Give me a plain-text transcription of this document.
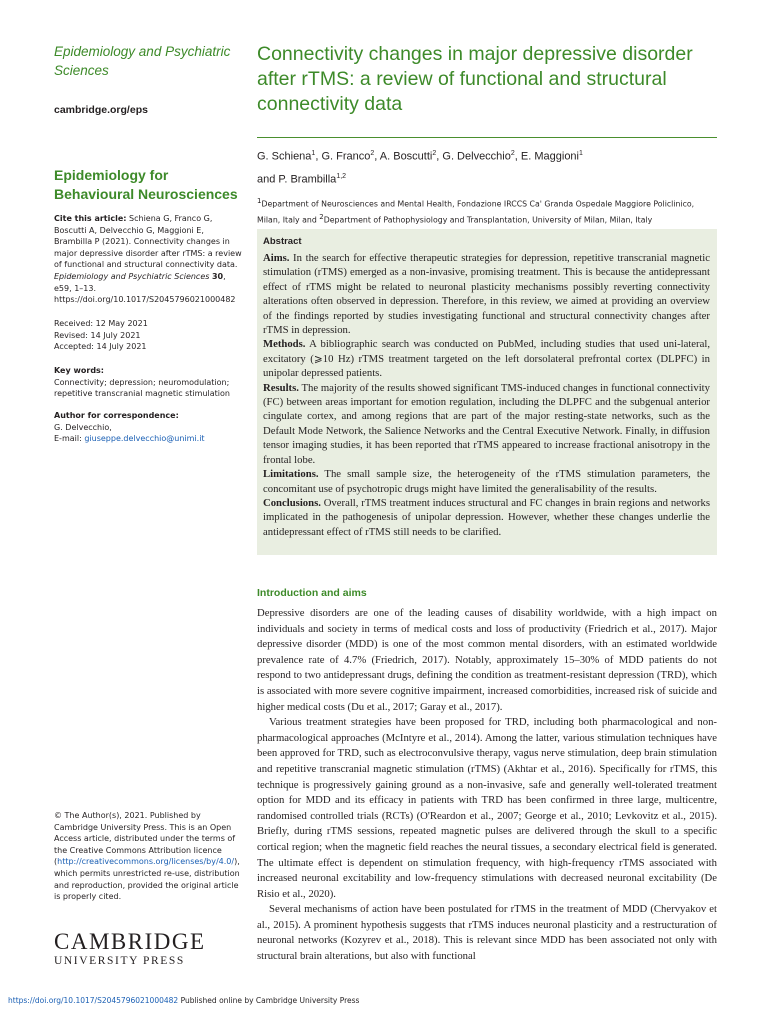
Epidemiology and Psychiatric Sciences
cambridge.org/eps
Epidemiology for Behavioural Neurosciences
Cite this article: Schiena G, Franco G, Boscutti A, Delvecchio G, Maggioni E, Brambilla P (2021). Connectivity changes in major depressive disorder after rTMS: a review of functional and structural connectivity data. Epidemiology and Psychiatric Sciences 30, e59, 1–13. https://doi.org/10.1017/S2045796021000482
Received: 12 May 2021
Revised: 14 July 2021
Accepted: 14 July 2021
Key words:
Connectivity; depression; neuromodulation; repetitive transcranial magnetic stimulation
Author for correspondence:
G. Delvecchio,
E-mail: giuseppe.delvecchio@unimi.it
© The Author(s), 2021. Published by Cambridge University Press. This is an Open Access article, distributed under the terms of the Creative Commons Attribution licence (http://creativecommons.org/licenses/by/4.0/), which permits unrestricted re-use, distribution and reproduction, provided the original article is properly cited.
CAMBRIDGE
UNIVERSITY PRESS
Connectivity changes in major depressive disorder after rTMS: a review of functional and structural connectivity data
G. Schiena$^1$, G. Franco$^2$, A. Boscutti$^2$, G. Delvecchio$^2$, E. Maggioni$^1$
and P. Brambilla$^{1,2}$
$^1$Department of Neurosciences and Mental Health, Fondazione IRCCS Ca' Granda Ospedale Maggiore Policlinico, Milan, Italy and $^2$Department of Pathophysiology and Transplantation, University of Milan, Milan, Italy
Abstract

Aims. In the search for effective therapeutic strategies for depression, repetitive transcranial magnetic stimulation (rTMS) emerged as a non-invasive, promising treatment. This is because the antidepressant effect of rTMS might be related to neuronal plasticity mechanisms possibly reverting connectivity alterations often observed in depression. Therefore, in this review, we aimed at providing an overview of the findings reported by studies investigating functional and structural connectivity changes after rTMS in depression.

Methods. A bibliographic search was conducted on PubMed, including studies that used uni-lateral, excitatory (⩾10 Hz) rTMS treatment targeted on the left dorsolateral prefrontal cortex (DLPFC) in unipolar depressed patients.

Results. The majority of the results showed significant TMS-induced changes in functional connectivity (FC) between areas important for emotion regulation, including the DLPFC and the subgenual anterior cingulate cortex, and among regions that are part of the major resting-state networks, such as the Default Mode Network, the Salience Networks and the Central Executive Network. Finally, in diffusion tensor imaging studies, it has been reported that rTMS appeared to increase fractional anisotropy in the frontal lobe.

Limitations. The small sample size, the heterogeneity of the rTMS stimulation parameters, the concomitant use of psychotropic drugs might have limited the generalisability of the results.

Conclusions. Overall, rTMS treatment induces structural and FC changes in brain regions and networks implicated in the pathogenesis of unipolar depression. However, whether these changes underlie the antidepressant effect of rTMS still needs to be clarified.

Introduction and aims

Depressive disorders are one of the leading causes of disability worldwide, with a high impact on individuals and society in terms of medical costs and loss of productivity (Friedrich et al., 2017). Major depressive disorder (MDD) is one of the most common mental disorders, with an estimated worldwide prevalence rate of 4.7% (Friedrich, 2017). Notably, approximately 15–30% of MDD patients do not respond to two antidepressant drugs, defining the condition as treatment-resistant depression (TRD), which is associated with more severe cognitive impairment, increased comorbidities, increased risk of suicide and higher medical costs (Du et al., 2017; Garay et al., 2017).

Various treatment strategies have been proposed for TRD, including both pharmacological and non-pharmacological approaches (McIntyre et al., 2014). Among the latter, various stimulation techniques have been approved for TRD, such as electroconvulsive therapy, vagus nerve stimulation, deep brain stimulation and repetitive transcranial magnetic stimulation (rTMS) (Akhtar et al., 2016). Specifically for rTMS, this technique is progressively gaining ground as a non-invasive, safe and generally well-tolerated treatment option for MDD and its efficacy in patients with TRD has been confirmed in three large, multicentre, randomised controlled trials (RCTs) (O'Reardon et al., 2007; George et al., 2010; Levkovitz et al., 2015). Briefly, during rTMS sessions, repeated magnetic pulses are delivered through the skull to a specific cortical region; when the magnetic field reaches the neural tissues, a secondary electrical field is generated. The ultimate effect is dependent on stimulation frequency, with high-frequency rTMS associated with increased neuronal excitability and low-frequency stimulations with decreased neuronal excitability (De Risio et al., 2020).

Several mechanisms of action have been postulated for rTMS in the treatment of MDD (Chervyakov et al., 2015). A prominent hypothesis suggests that rTMS induces neuronal plasticity and a restructuration of neuronal networks (Kozyrev et al., 2018). This is relevant since MDD has been associated not only with structural brain alterations, but also with functional

https://doi.org/10.1017/S2045796021000482 Published online by Cambridge University Press
